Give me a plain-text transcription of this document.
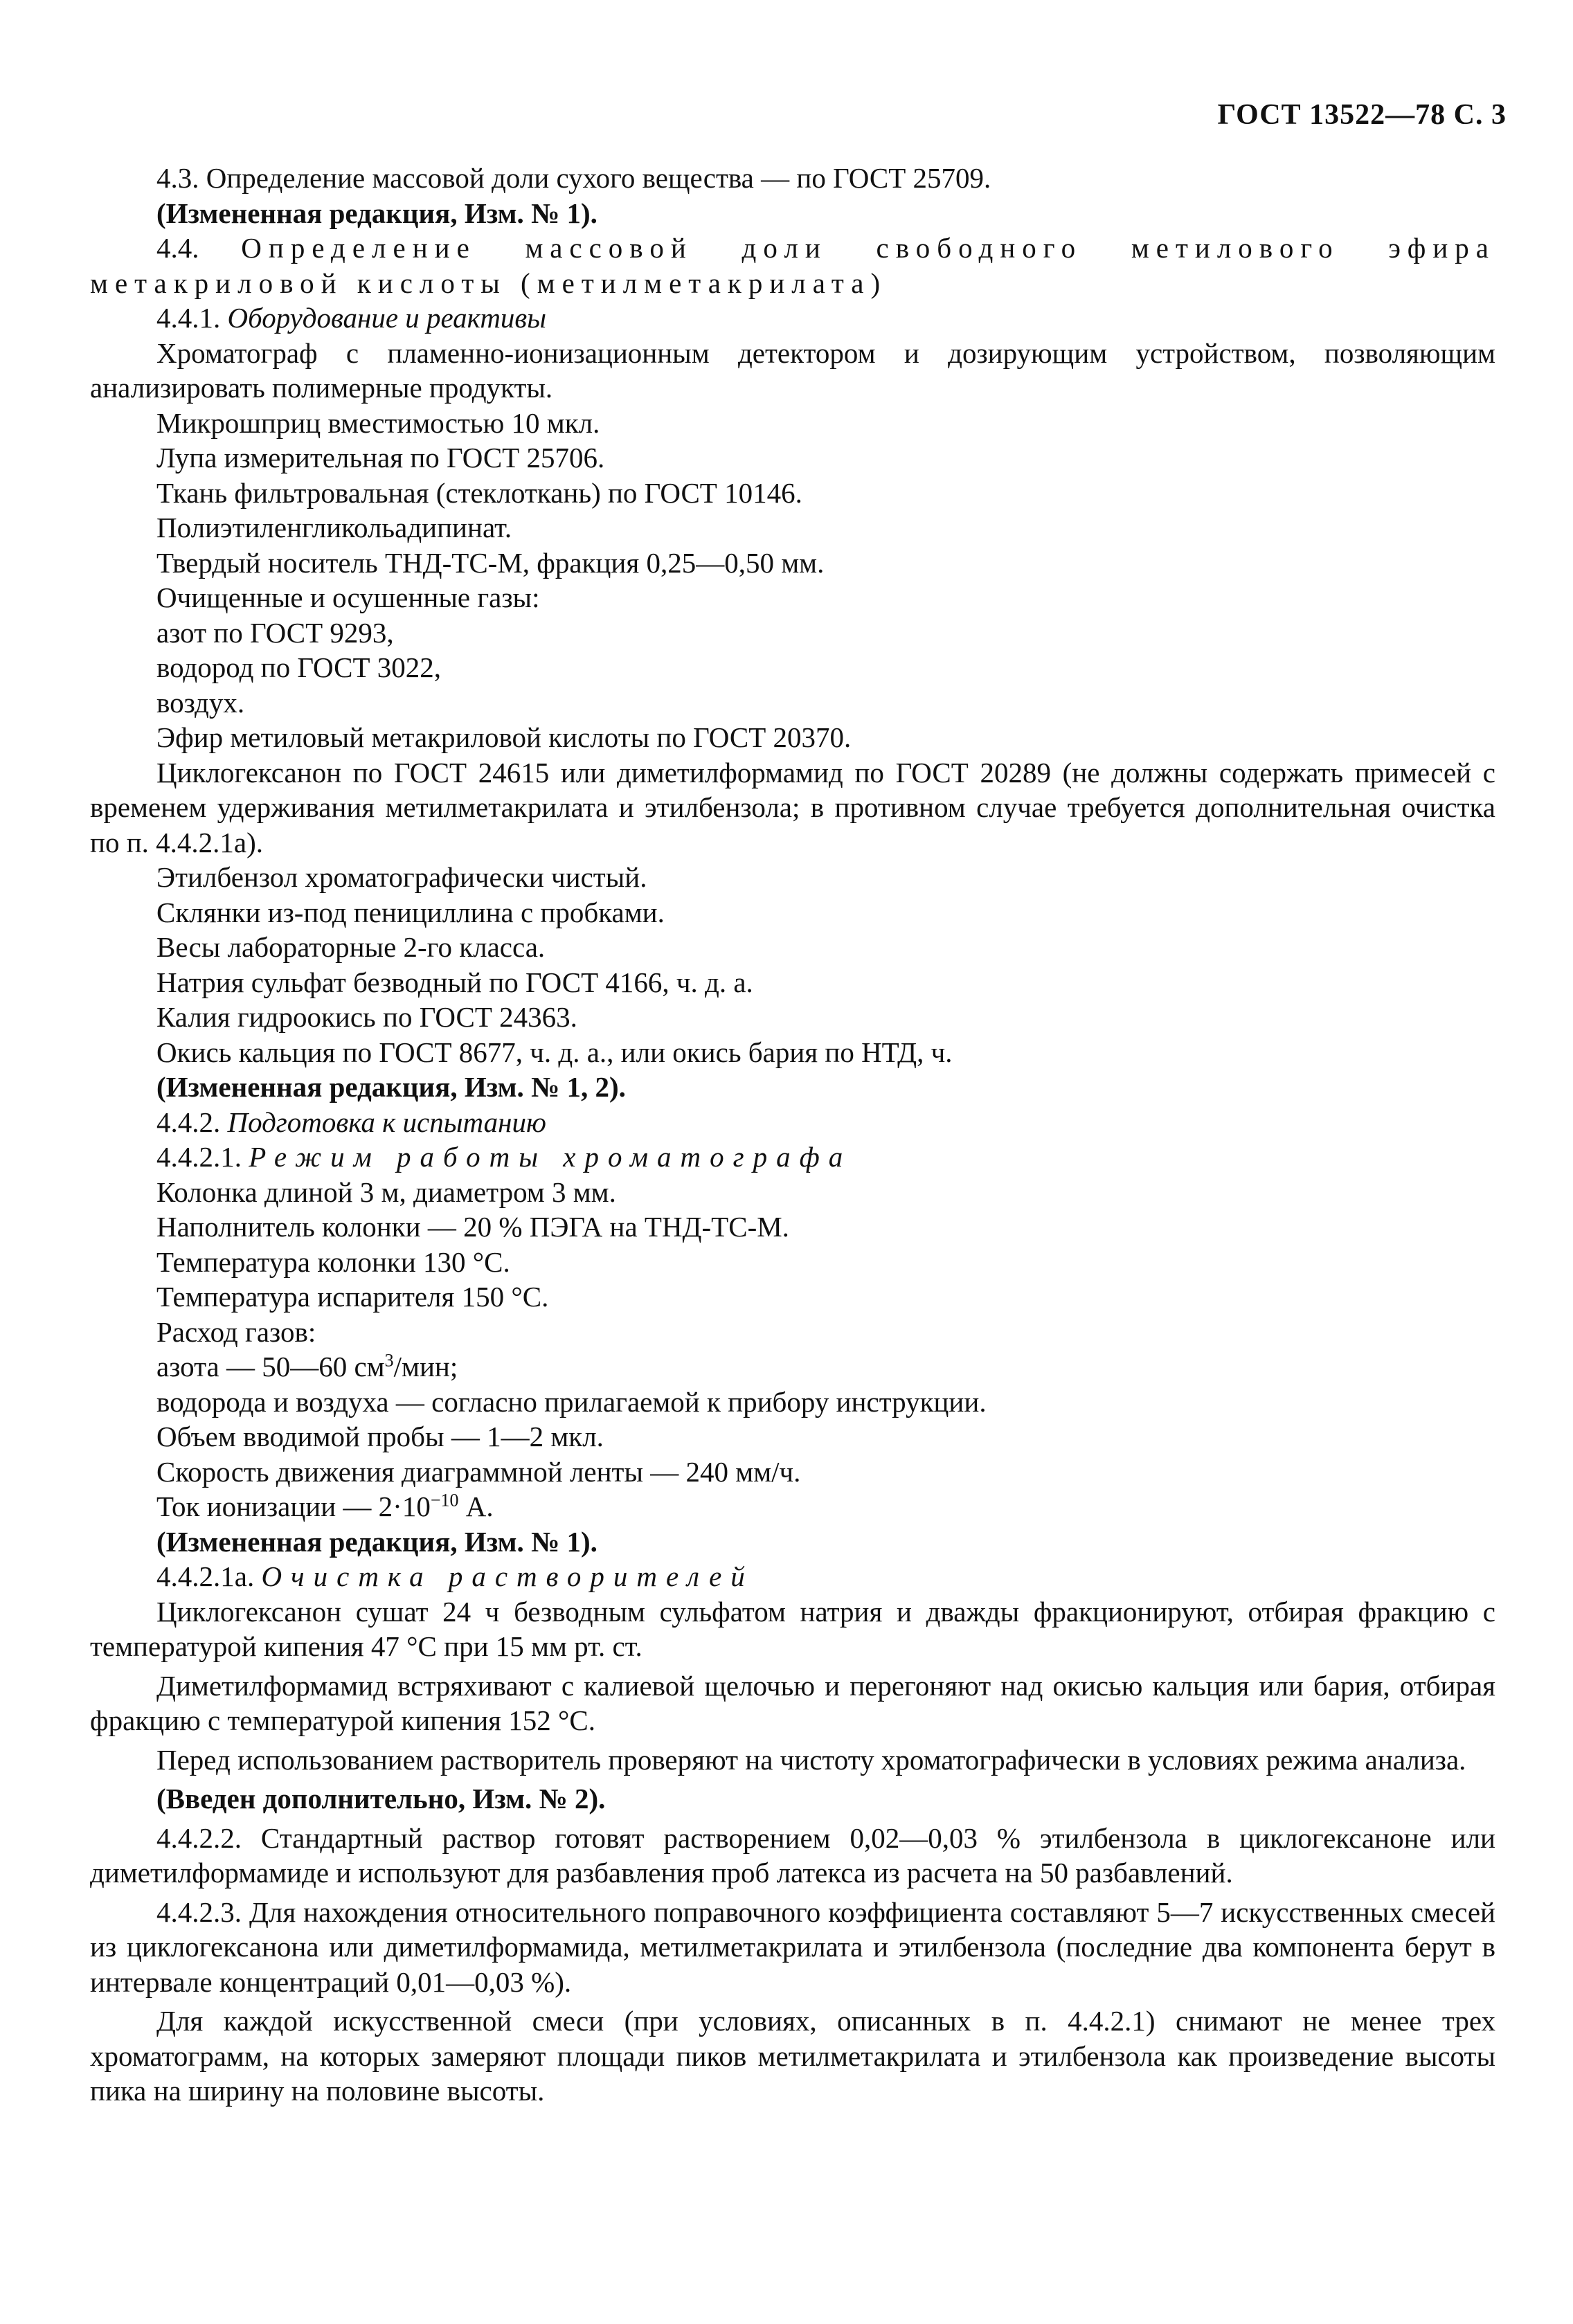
ГОСТ 13522—78 С. 3

4.3. Определение массовой доли сухого вещества — по ГОСТ 25709.

(Измененная редакция, Изм. № 1).

4.4. Определение массовой доли свободного метилового эфира метакриловой кислоты (метилметакрилата)

4.4.1. Оборудование и реактивы

Хроматограф с пламенно-ионизационным детектором и дозирующим устройством, позволяющим анализировать полимерные продукты.

Микрошприц вместимостью 10 мкл.

Лупа измерительная по ГОСТ 25706.

Ткань фильтровальная (стеклоткань) по ГОСТ 10146.

Полиэтиленгликольадипинат.

Твердый носитель ТНД-ТС-М, фракция 0,25—0,50 мм.

Очищенные и осушенные газы:

азот по ГОСТ 9293,

водород по ГОСТ 3022,

воздух.

Эфир метиловый метакриловой кислоты по ГОСТ 20370.

Циклогексанон по ГОСТ 24615 или диметилформамид по ГОСТ 20289 (не должны содержать примесей с временем удерживания метилметакрилата и этилбензола; в противном случае требуется дополнительная очистка по п. 4.4.2.1а).

Этилбензол хроматографически чистый.

Склянки из-под пенициллина с пробками.

Весы лабораторные 2-го класса.

Натрия сульфат безводный по ГОСТ 4166, ч. д. а.

Калия гидроокись по ГОСТ 24363.

Окись кальция по ГОСТ 8677, ч. д. а., или окись бария по НТД, ч.

(Измененная редакция, Изм. № 1, 2).

4.4.2. Подготовка к испытанию

4.4.2.1. Режим работы хроматографа

Колонка длиной 3 м, диаметром 3 мм.

Наполнитель колонки — 20 % ПЭГА на ТНД-ТС-М.

Температура колонки 130 °С.

Температура испарителя 150 °С.

Расход газов:

азота — 50—60 $см^3$/мин;

водорода и воздуха — согласно прилагаемой к прибору инструкции.

Объем вводимой пробы — 1—2 мкл.

Скорость движения диаграммной ленты — 240 мм/ч.

Ток ионизации — $2\cdot 10^{-10}$ А.

(Измененная редакция, Изм. № 1).

4.4.2.1а. Очистка растворителей

Циклогексанон сушат 24 ч безводным сульфатом натрия и дважды фракционируют, отбирая фракцию с температурой кипения 47 °С при 15 мм рт. ст.

Диметилформамид встряхивают с калиевой щелочью и перегоняют над окисью кальция или бария, отбирая фракцию с температурой кипения 152 °С.

Перед использованием растворитель проверяют на чистоту хроматографически в условиях режима анализа.

(Введен дополнительно, Изм. № 2).

4.4.2.2. Стандартный раствор готовят растворением 0,02—0,03 % этилбензола в циклогексаноне или диметилформамиде и используют для разбавления проб латекса из расчета на 50 разбавлений.

4.4.2.3. Для нахождения относительного поправочного коэффициента составляют 5—7 искусственных смесей из циклогексанона или диметилформамида, метилметакрилата и этилбензола (последние два компонента берут в интервале концентраций 0,01—0,03 %).

Для каждой искусственной смеси (при условиях, описанных в п. 4.4.2.1) снимают не менее трех хроматограмм, на которых замеряют площади пиков метилметакрилата и этилбензола как произведение высоты пика на ширину на половине высоты.
